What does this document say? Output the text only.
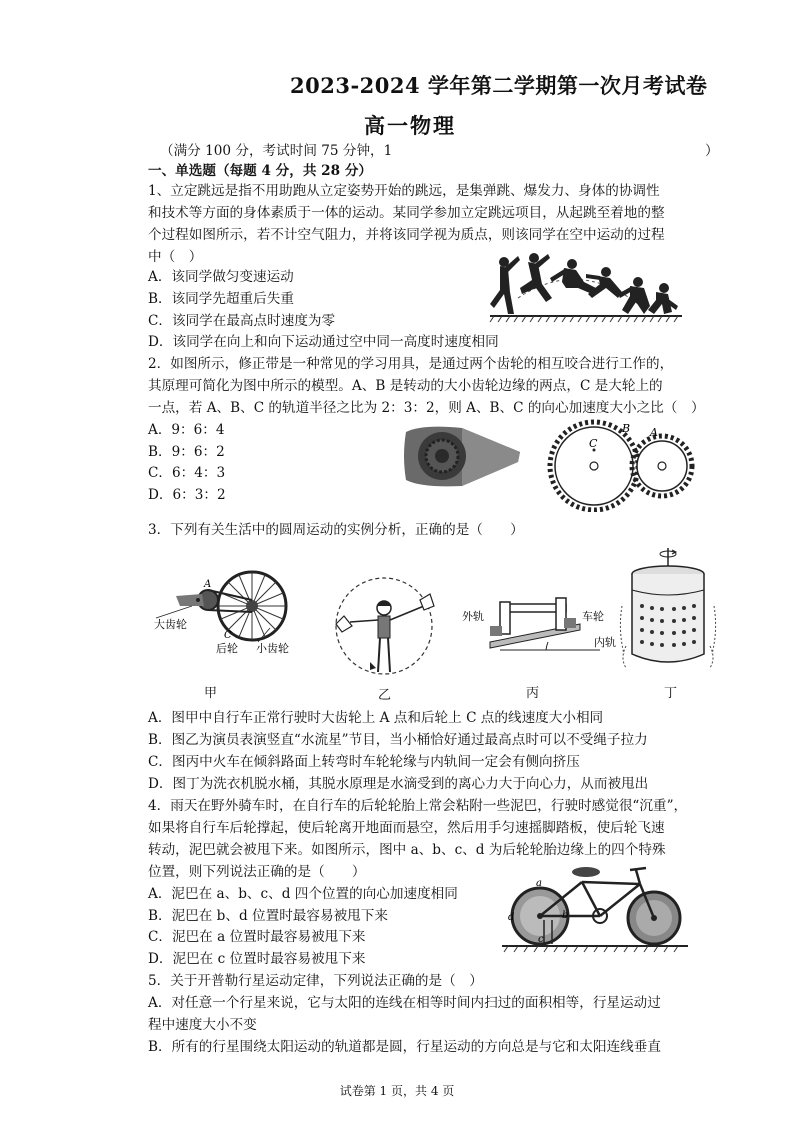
2023-2024 学年第二学期第一次月考试卷
高一物理
（满分 100 分，考试时间 75 分钟，1　　　　　　　　　　　　　　　　　　　　　　　）
一、单选题（每题 4 分，共 28 分）
1、立定跳远是指不用助跑从立定姿势开始的跳远，是集弹跳、爆发力、身体的协调性
和技术等方面的身体素质于一体的运动。某同学参加立定跳远项目，从起跳至着地的整
个过程如图所示，若不计空气阻力，并将该同学视为质点，则该同学在空中运动的过程
中（　）
A．该同学做匀变速运动
B．该同学先超重后失重
C．该同学在最高点时速度为零
D．该同学在向上和向下运动通过空中同一高度时速度相同
2．如图所示，修正带是一种常见的学习用具，是通过两个齿轮的相互咬合进行工作的，
其原理可简化为图中所示的模型。A、B 是转动的大小齿轮边缘的两点，C 是大轮上的
一点，若 A、B、C 的轨道半径之比为 2：3：2，则 A、B、C 的向心加速度大小之比（　）
A．9：6：4
B．9：6：2
C．6：4：3
D．6：3：2
C
B A
3．下列有关生活中的圆周运动的实例分析，正确的是（　　）
A
C
大齿轮
后轮 小齿轮
外轨	车轮
内轨
甲	乙	丙	丁
A．图甲中自行车正常行驶时大齿轮上 A 点和后轮上 C 点的线速度大小相同
B．图乙为演员表演竖直“水流星”节目，当小桶恰好通过最高点时可以不受绳子拉力
C．图丙中火车在倾斜路面上转弯时车轮轮缘与内轨间一定会有侧向挤压
D．图丁为洗衣机脱水桶，其脱水原理是水滴受到的离心力大于向心力，从而被甩出
4．雨天在野外骑车时，在自行车的后轮轮胎上常会粘附一些泥巴，行驶时感觉很“沉重”，
如果将自行车后轮撑起，使后轮离开地面而悬空，然后用手匀速摇脚踏板，使后轮飞速
转动，泥巴就会被甩下来。如图所示，图中 a、b、c、d 为后轮轮胎边缘上的四个特殊
位置，则下列说法正确的是（　　）
A．泥巴在 a、b、c、d 四个位置的向心加速度相同
B．泥巴在 b、d 位置时最容易被甩下来
C．泥巴在 a 位置时最容易被甩下来
D．泥巴在 c 位置时最容易被甩下来
a
b
c
d
5．关于开普勒行星运动定律，下列说法正确的是（　）
A．对任意一个行星来说，它与太阳的连线在相等时间内扫过的面积相等，行星运动过
程中速度大小不变
B．所有的行星围绕太阳运动的轨道都是圆，行星运动的方向总是与它和太阳连线垂直
试卷第 1 页，共 4 页
